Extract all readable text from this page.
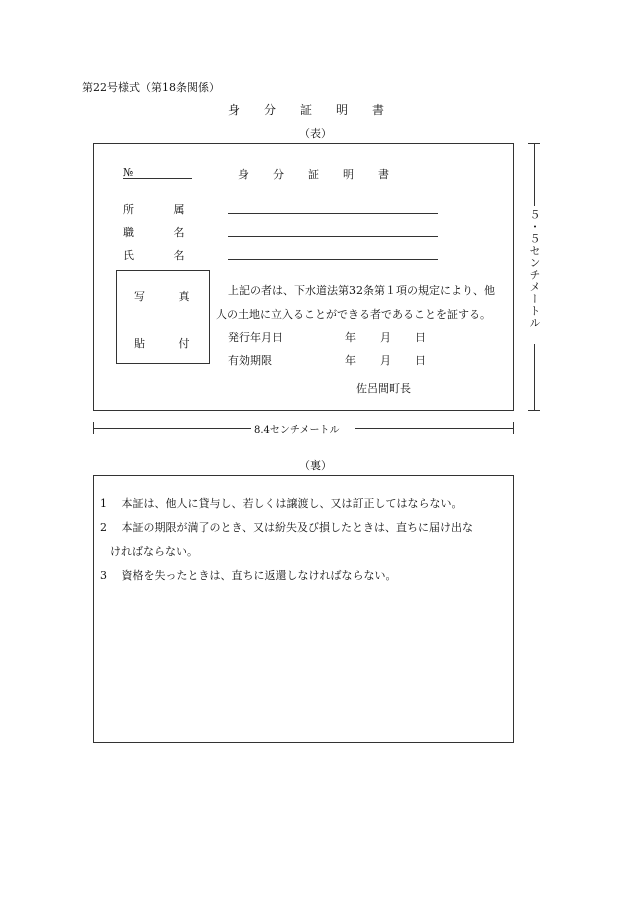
第22号様式（第18条関係）
身分証明書
（表）
№	身分証明書
所 属
職 名
氏 名
写 真
貼 付
上記の者は、下水道法第32条第１項の規定により、他
人の土地に立入ることができる者であることを証する。
発行年月日	年 月 日
有効期限	年 月 日
佐呂間町長
５・５センチメートル
8.4センチメートル
（裏）
1　 本証は、他人に貸与し、若しくは譲渡し、又は訂正してはならない。
2　 本証の期限が満了のとき、又は紛失及び損したときは、直ちに届け出な
ければならない。
3　 資格を失ったときは、直ちに返還しなければならない。
